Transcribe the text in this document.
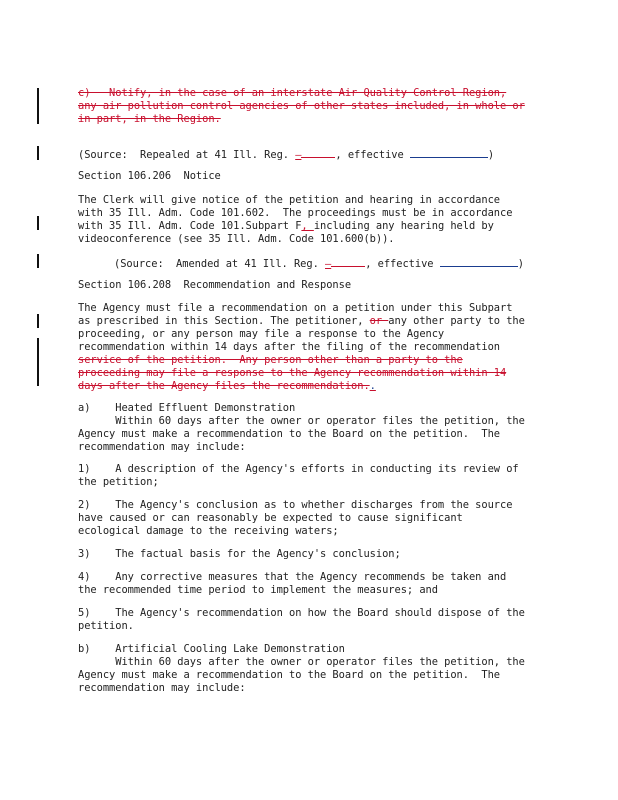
c)   Notify, in the case of an interstate Air Quality Control Region,
any air pollution control agencies of other states included, in whole or
in part, in the Region.
(Source:  Repealed at 41 Ill. Reg. –	, effective	)
Section 106.206  Notice
The Clerk will give notice of the petition and hearing in accordance
with 35 Ill. Adm. Code 101.602.  The proceedings must be in accordance
with 35 Ill. Adm. Code 101.Subpart F, including any hearing held by
videoconference (see 35 Ill. Adm. Code 101.600(b)).
(Source:  Amended at 41 Ill. Reg. –	, effective	)
Section 106.208  Recommendation and Response
The Agency must file a recommendation on a petition under this Subpart
as prescribed in this Section. The petitioner, or any other party to the
proceeding, or any person may file a response to the Agency
recommendation within 14 days after the filing of the recommendation
service of the petition.  Any person other than a party to the
proceeding may file a response to the Agency recommendation within 14
days after the Agency files the recommendation..
a)    Heated Effluent Demonstration
Within 60 days after the owner or operator files the petition, the
Agency must make a recommendation to the Board on the petition.  The
recommendation may include:
1)    A description of the Agency's efforts in conducting its review of
the petition;
2)    The Agency's conclusion as to whether discharges from the source
have caused or can reasonably be expected to cause significant
ecological damage to the receiving waters;
3)    The factual basis for the Agency's conclusion;
4)    Any corrective measures that the Agency recommends be taken and
the recommended time period to implement the measures; and
5)    The Agency's recommendation on how the Board should dispose of the
petition.
b)    Artificial Cooling Lake Demonstration
Within 60 days after the owner or operator files the petition, the
Agency must make a recommendation to the Board on the petition.  The
recommendation may include:
